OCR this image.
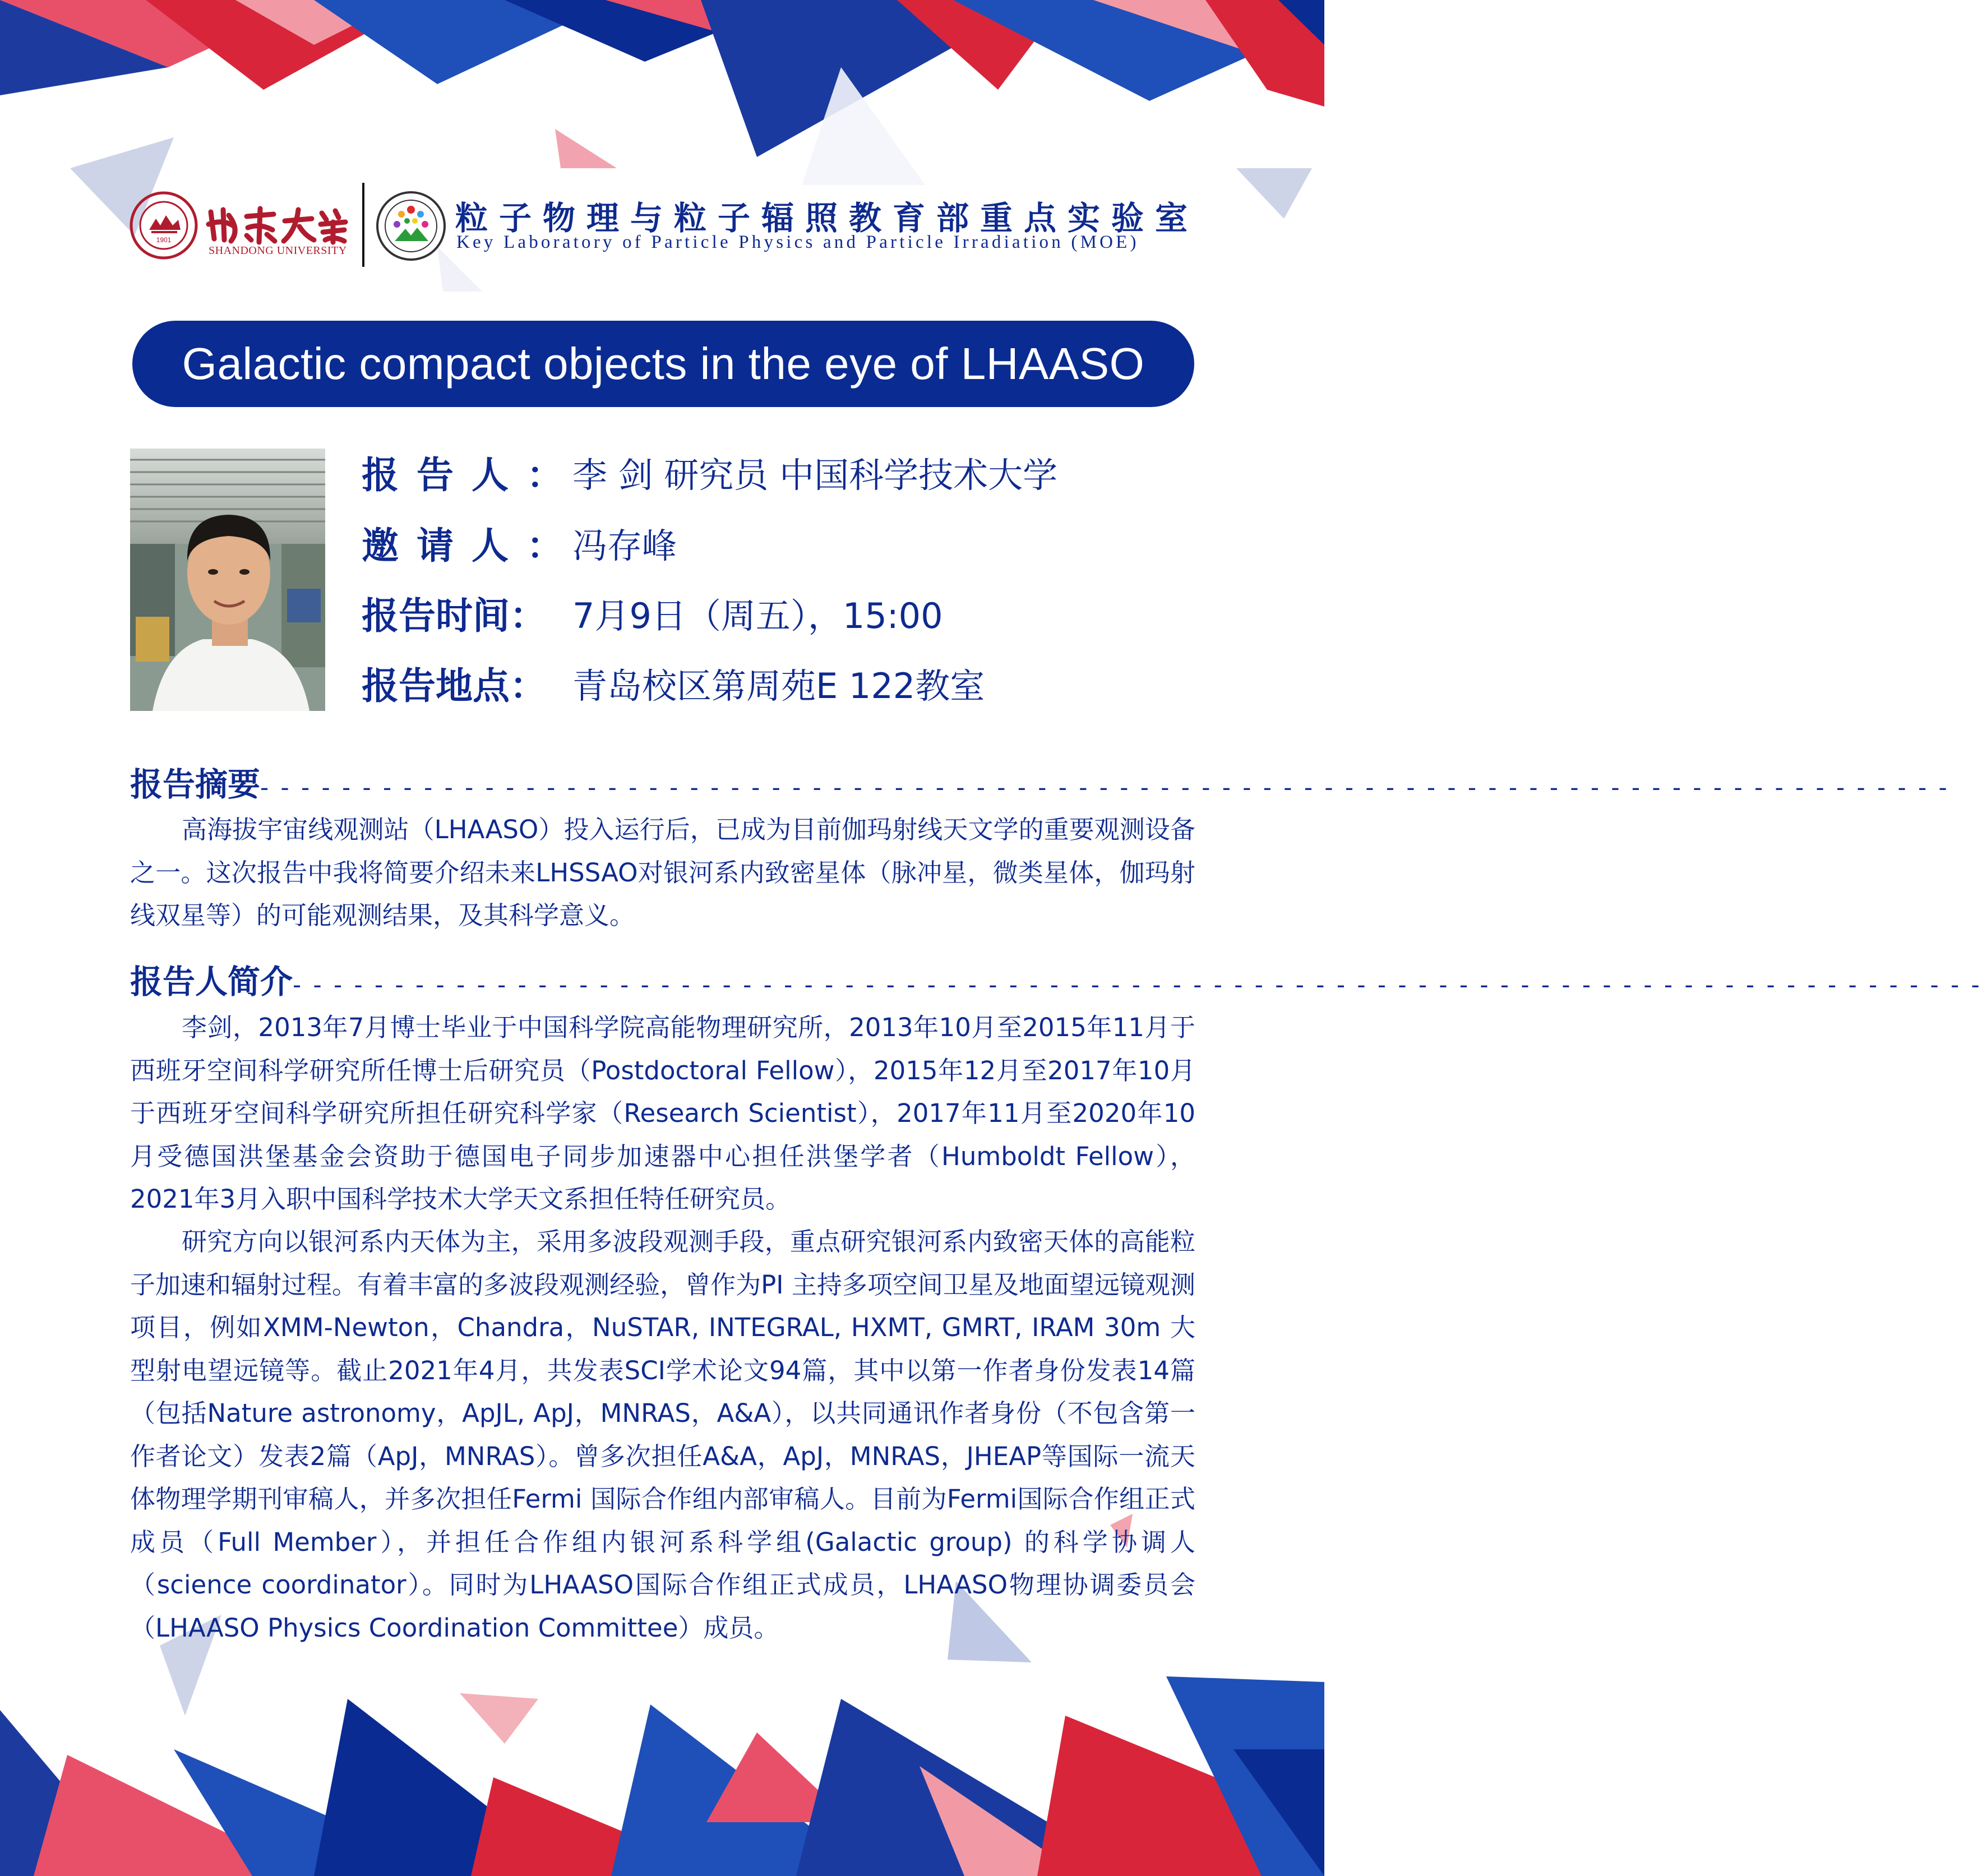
1901
SHANDONG UNIVERSITY
粒子物理与粒子辐照教育部重点实验室
Key Laboratory of Particle Physics and Particle Irradiation (MOE)
Galactic compact objects in the eye of LHAASO
报告人：
李 剑 研究员 中国科学技术大学
邀请人：
冯存峰
报告时间： 7月9日（周五），15:00
报告地点： 青岛校区第周苑E 122教室
报告摘要- - - - - - - - - - - - - - - - - - - - - - - - - - - - - - - - - - - - - - - - - - - - - - - - - - - - - - - - - - - - - - - - - - - - - - - - - - - - - - - - - - -

高海拔宇宙线观测站（LHAASO）投入运行后，已成为目前伽玛射线天文学的重要观测设备之一。这次报告中我将简要介绍未来LHSSAO对银河系内致密星体（脉冲星，微类星体，伽玛射线双星等）的可能观测结果，及其科学意义。

报告人简介- - - - - - - - - - - - - - - - - - - - - - - - - - - - - - - - - - - - - - - - - - - - - - - - - - - - - - - - - - - - - - - - - - - - - - - - - - - - - - - - - - -

李剑，2013年7月博士毕业于中国科学院高能物理研究所，2013年10月至2015年11月于西班牙空间科学研究所任博士后研究员（Postdoctoral Fellow），2015年12月至2017年10月于西班牙空间科学研究所担任研究科学家（Research Scientist），2017年11月至2020年10月受德国洪堡基金会资助于德国电子同步加速器中心担任洪堡学者（Humboldt Fellow），2021年3月入职中国科学技术大学天文系担任特任研究员。

研究方向以银河系内天体为主，采用多波段观测手段，重点研究银河系内致密天体的高能粒子加速和辐射过程。有着丰富的多波段观测经验，曾作为PI 主持多项空间卫星及地面望远镜观测项目，例如XMM-Newton，Chandra，NuSTAR, INTEGRAL, HXMT, GMRT, IRAM 30m 大型射电望远镜等。截止2021年4月，共发表SCI学术论文94篇，其中以第一作者身份发表14篇（包括Nature astronomy，ApJL, ApJ，MNRAS，A&A），以共同通讯作者身份（不包含第一作者论文）发表2篇（ApJ，MNRAS）。曾多次担任A&A，ApJ，MNRAS，JHEAP等国际一流天体物理学期刊审稿人，并多次担任Fermi 国际合作组内部审稿人。目前为Fermi国际合作组正式成员（Full Member），并担任合作组内银河系科学组(Galactic group) 的科学协调人（science coordinator）。同时为LHAASO国际合作组正式成员，LHAASO物理协调委员会（LHAASO Physics Coordination Committee）成员。
